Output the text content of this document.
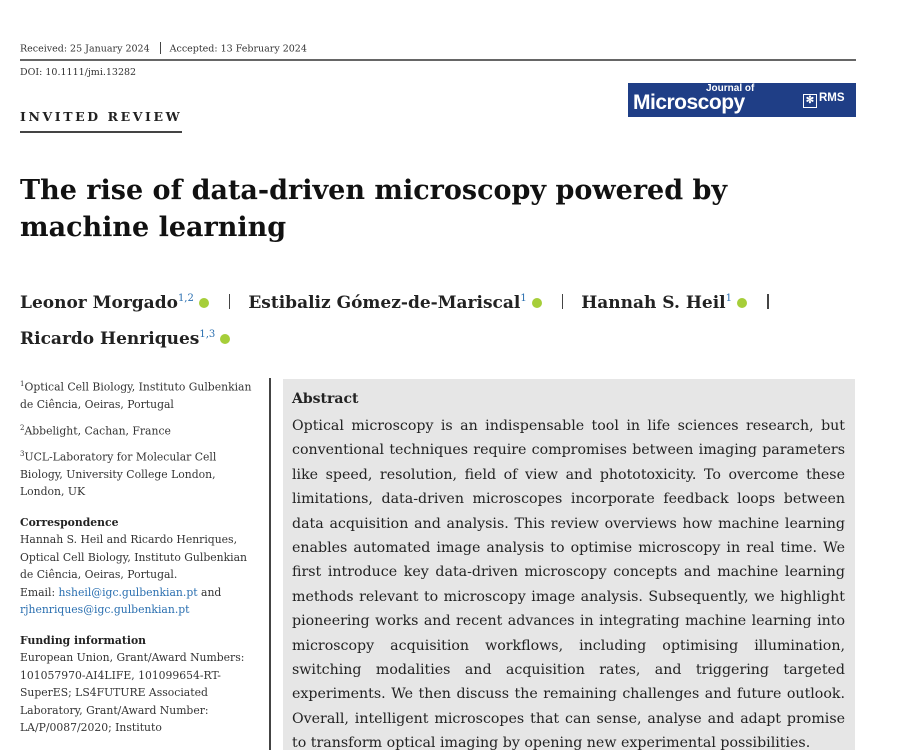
Received: 25 January 2024 Accepted: 13 February 2024
DOI: 10.1111/jmi.13282
INVITED REVIEW
Journal of
Microscopy	✻ RMS
The rise of data-driven microscopy powered by machine learning
Leonor Morgado$^{1,2}$	Estibaliz Gómez-de-Mariscal$^1$	Hannah S. Heil$^1$
Ricardo Henriques$^{1,3}$
$^1$Optical Cell Biology, Instituto Gulbenkian de Ciência, Oeiras, Portugal
$^2$Abbelight, Cachan, France
$^3$UCL-Laboratory for Molecular Cell Biology, University College London, London, UK
Correspondence
Hannah S. Heil and Ricardo Henriques, Optical Cell Biology, Instituto Gulbenkian de Ciência, Oeiras, Portugal.
Email: hsheil@igc.gulbenkian.pt and rjhenriques@igc.gulbenkian.pt
Funding information
European Union, Grant/Award Numbers: 101057970-AI4LIFE, 101099654-RT-SuperES; LS4FUTURE Associated Laboratory, Grant/Award Number: LA/P/0087/2020; Instituto
Abstract
Optical microscopy is an indispensable tool in life sciences research, but conventional techniques require compromises between imaging parameters like speed, resolution, field of view and phototoxicity. To overcome these limitations, data-driven microscopes incorporate feedback loops between data acquisition and analysis. This review overviews how machine learning enables automated image analysis to optimise microscopy in real time. We first introduce key data-driven microscopy concepts and machine learning methods relevant to microscopy image analysis. Subsequently, we highlight pioneering works and recent advances in integrating machine learning into microscopy acquisition workflows, including optimising illumination, switching modalities and acquisition rates, and triggering targeted experiments. We then discuss the remaining challenges and future outlook. Overall, intelligent microscopes that can sense, analyse and adapt promise to transform optical imaging by opening new experimental possibilities.
